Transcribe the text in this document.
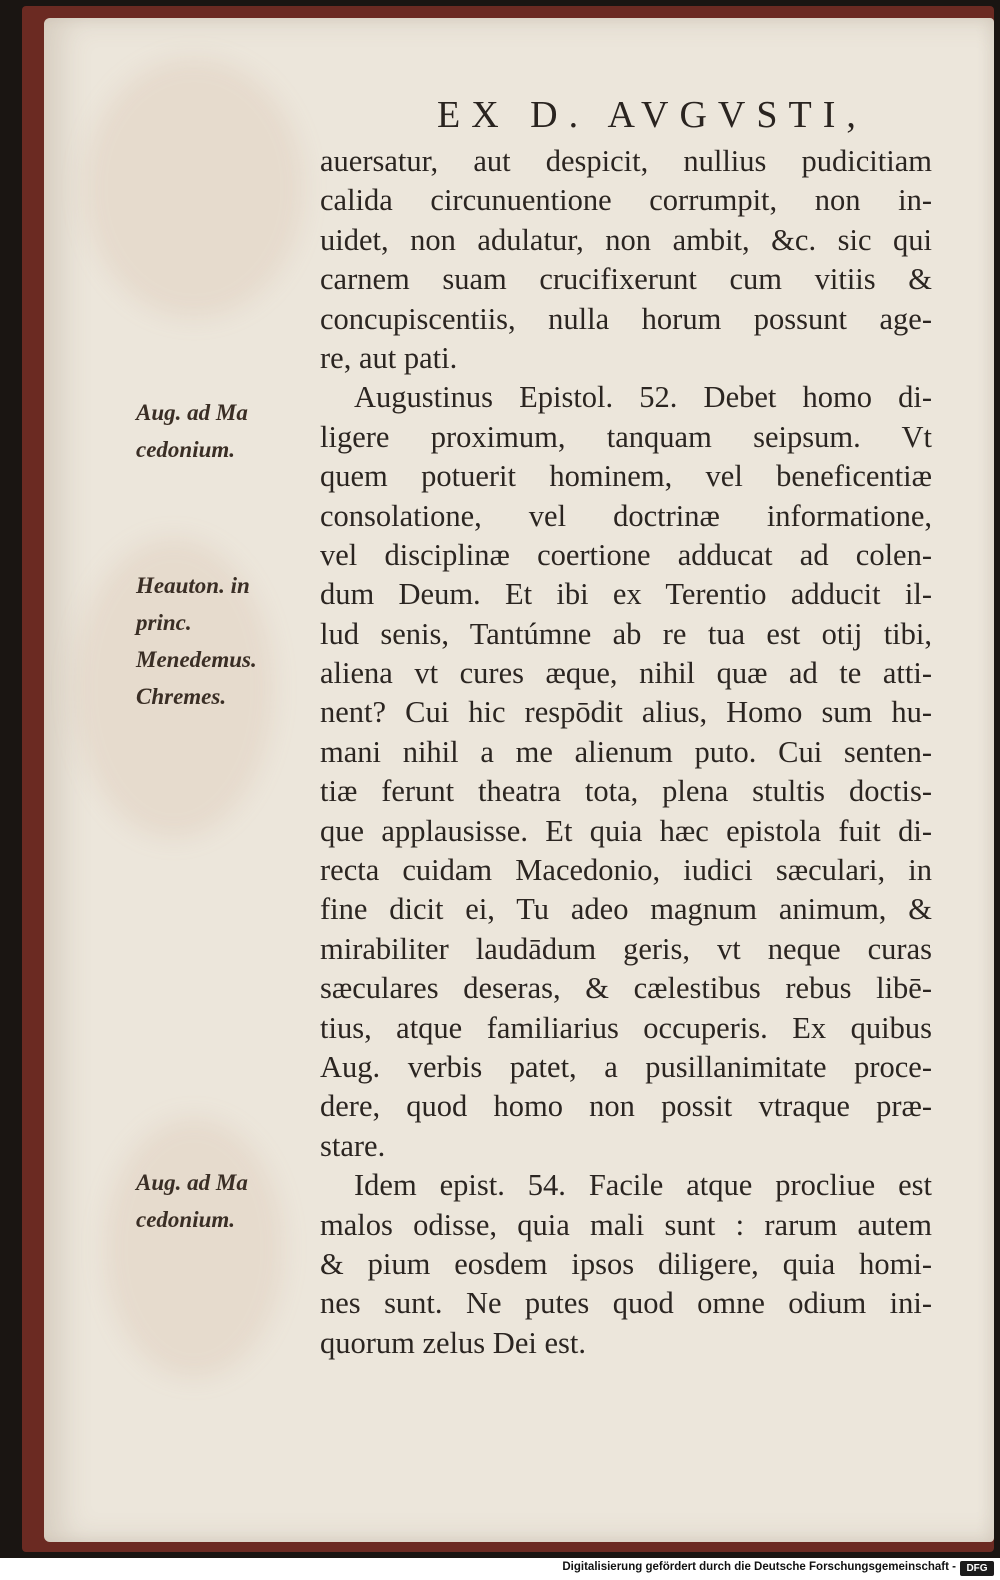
EX D. AVGVSTI,
Aug. ad Ma
cedonium.
Heauton. in
princ.
Menedemus.
Chremes.
Aug. ad Ma
cedonium.
auersatur, aut despicit, nullius pudicitiam
calida circunuentione corrumpit, non in-
uidet, non adulatur, non ambit, &c. sic qui
carnem suam crucifixerunt cum vitiis &
concupiscentiis, nulla horum possunt age-
re, aut pati.
Augustinus Epistol. 52. Debet homo di-
ligere proximum, tanquam seipsum. Vt
quem potuerit hominem, vel beneficentiæ
consolatione, vel doctrinæ informatione,
vel disciplinæ coertione adducat ad colen-
dum Deum. Et ibi ex Terentio adducit il-
lud senis, Tantúmne ab re tua est otij tibi,
aliena vt cures æque, nihil quæ ad te atti-
nent? Cui hic respōdit alius, Homo sum hu-
mani nihil a me alienum puto. Cui senten-
tiæ ferunt theatra tota, plena stultis doctis-
que applausisse. Et quia hæc epistola fuit di-
recta cuidam Macedonio, iudici sæculari, in
fine dicit ei, Tu adeo magnum animum, &
mirabiliter laudādum geris, vt neque curas
sæculares deseras, & cælestibus rebus libē-
tius, atque familiarius occuperis. Ex quibus
Aug. verbis patet, a pusillanimitate proce-
dere, quod homo non possit vtraque præ-
stare.
Idem epist. 54. Facile atque procliue est
malos odisse, quia mali sunt : rarum autem
& pium eosdem ipsos diligere, quia homi-
nes sunt. Ne putes quod omne odium ini-
quorum zelus Dei est.
Digitalisierung gefördert durch die Deutsche Forschungsgemeinschaft -	DFG
